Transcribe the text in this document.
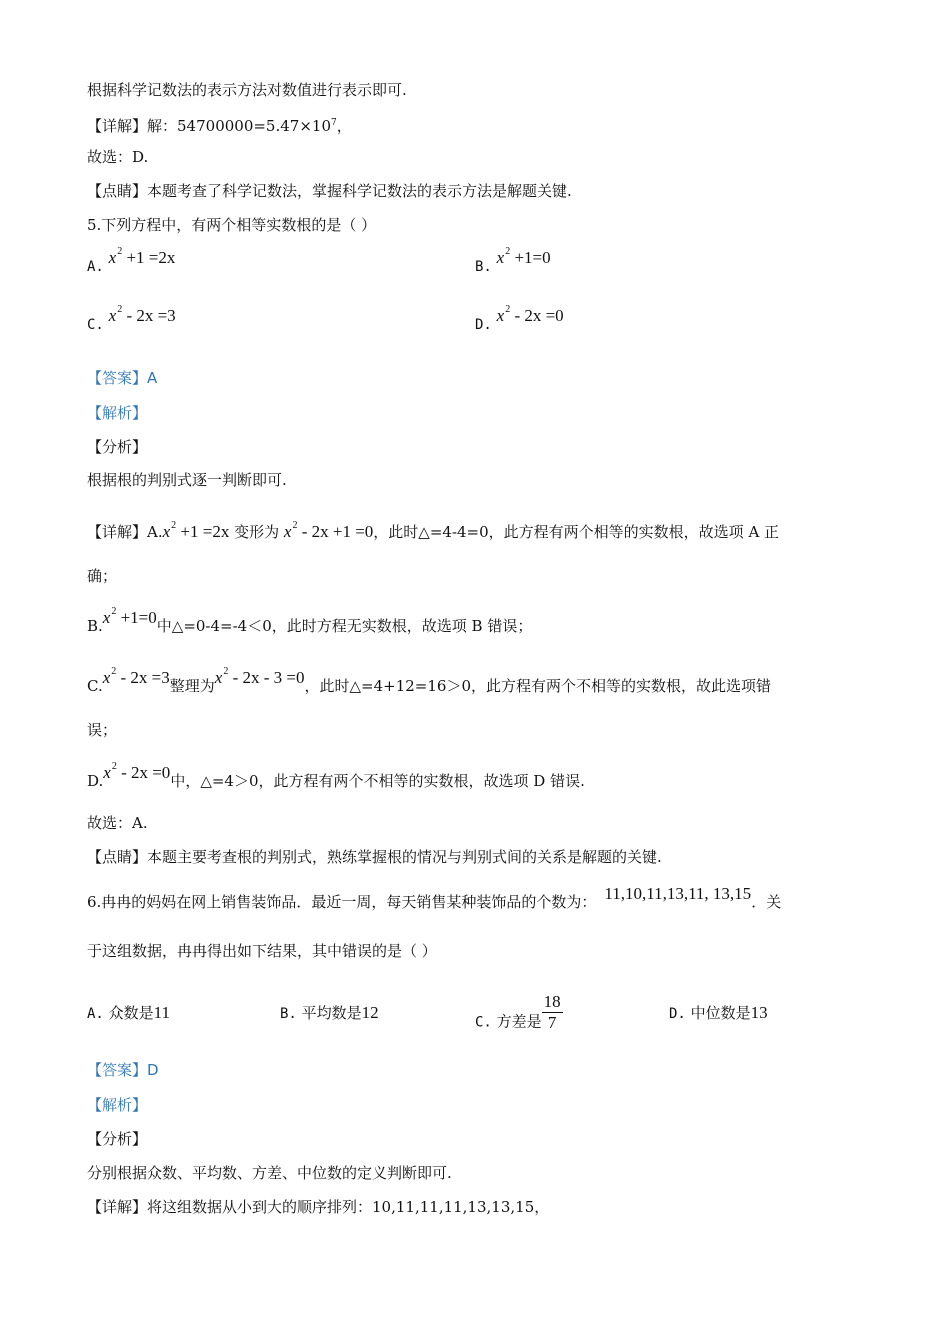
根据科学记数法的表示方法对数值进行表示即可.
【详解】解：$54700000=5.47\times 10^7$，
故选：D.
【点睛】本题考查了科学记数法，掌握科学记数法的表示方法是解题关键.
5.下列方程中，有两个相等实数根的是（ ）
A. $x^2 +1 =2x$	B. $x^2 +1=0$
C. $x^2 - 2x =3$	D. $x^2 - 2x =0$
【答案】A
【解析】
【分析】
根据根的判别式逐一判断即可.
【详解】$A.x^2 +1 =2x$ 变形为 $x^2 - 2x +1 =0$，此时△=4-4=0，此方程有两个相等的实数根，故选项 A 正
确；
$B.x^2 +1=0$中△=0-4=-4＜0，此时方程无实数根，故选项 B 错误；
$C.x^2 - 2x =3$整理为$x^2 - 2x - 3 =0$，此时△=4+12=16＞0，此方程有两个不相等的实数根，故此选项错
误；
$D.x^2 - 2x =0$中，△=4＞0，此方程有两个不相等的实数根，故选项 D 错误.
故选：A.
【点睛】本题主要考查根的判别式，熟练掌握根的情况与判别式间的关系是解题的关键.
6.冉冉的妈妈在网上销售装饰品．最近一周，每天销售某种装饰品的个数为： 11,10,11,13,11, 13,15．关
于这组数据，冉冉得出如下结果，其中错误的是（ ）
A. 众数是11	B. 平均数是12
C. 方差是 $\frac{18}{7}$	D. 中位数是13
【答案】D
【解析】
【分析】
分别根据众数、平均数、方差、中位数的定义判断即可.
【详解】将这组数据从小到大的顺序排列：10,11,11,11,13,13,15，
